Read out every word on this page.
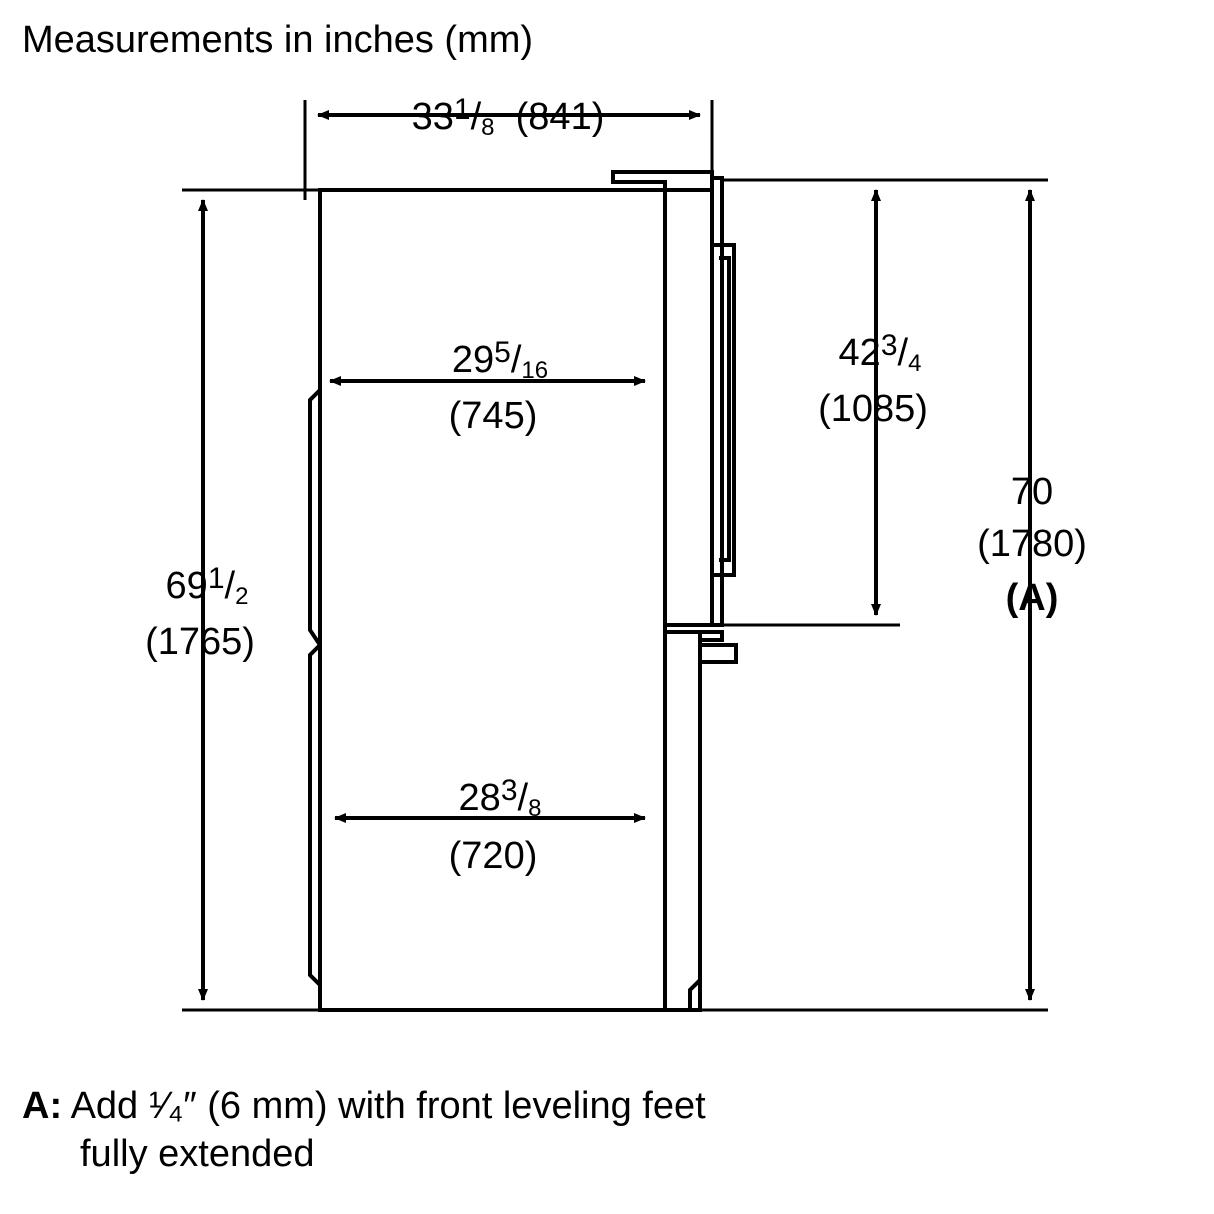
Measurements in inches (mm)
$33^1/8$ (841)
$29^5/16$
(745)
$28^3/8$
(720)
$69^1/2$
(1765)
$42^3/4$
(1085)
70
(1780)
(A)
A: Add ¹⁄₄″ (6 mm) with front leveling feet
fully extended
